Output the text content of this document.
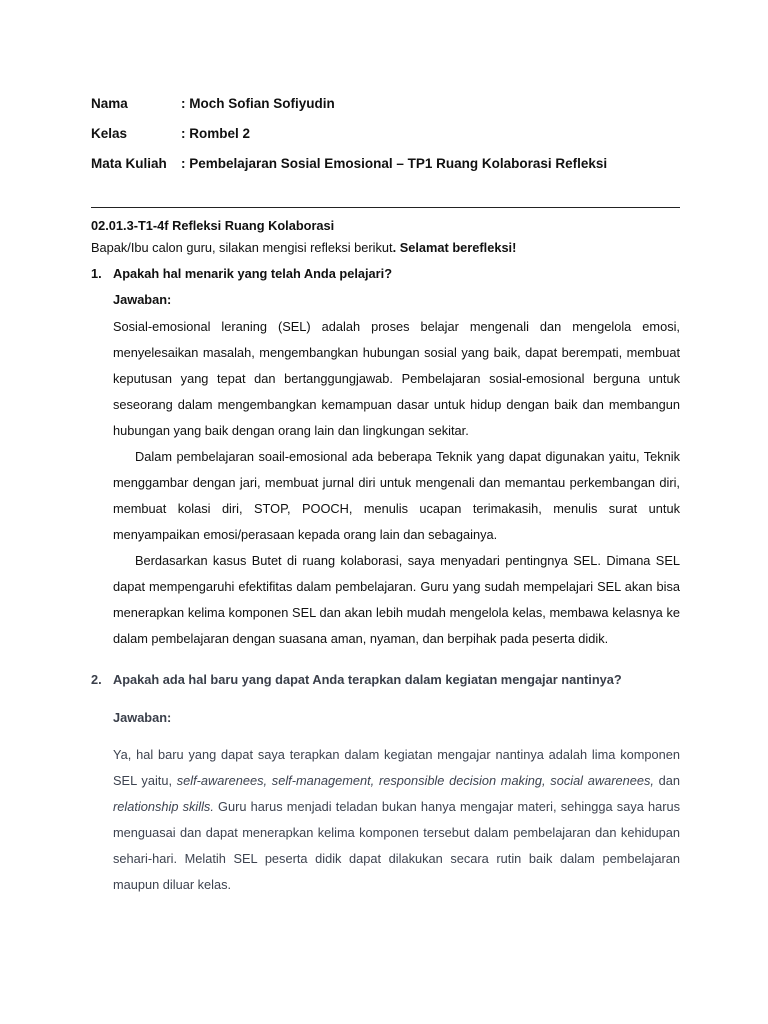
Nama	: Moch Sofian Sofiyudin
Kelas	: Rombel 2
Mata Kuliah	: Pembelajaran Sosial Emosional – TP1 Ruang Kolaborasi Refleksi
02.01.3-T1-4f Refleksi Ruang Kolaborasi
Bapak/Ibu calon guru, silakan mengisi refleksi berikut. Selamat berefleksi!
1. Apakah hal menarik yang telah Anda pelajari?
Jawaban:
Sosial-emosional leraning (SEL) adalah proses belajar mengenali dan mengelola emosi, menyelesaikan masalah, mengembangkan hubungan sosial yang baik, dapat berempati, membuat keputusan yang tepat dan bertanggungjawab. Pembelajaran sosial-emosional berguna untuk seseorang dalam mengembangkan kemampuan dasar untuk hidup dengan baik dan membangun hubungan yang baik dengan orang lain dan lingkungan sekitar.
Dalam pembelajaran soail-emosional ada beberapa Teknik yang dapat digunakan yaitu, Teknik menggambar dengan jari, membuat jurnal diri untuk mengenali dan memantau perkembangan diri, membuat kolasi diri, STOP, POOCH, menulis ucapan terimakasih, menulis surat untuk menyampaikan emosi/perasaan kepada orang lain dan sebagainya.
Berdasarkan kasus Butet di ruang kolaborasi, saya menyadari pentingnya SEL. Dimana SEL dapat mempengaruhi efektifitas dalam pembelajaran. Guru yang sudah mempelajari SEL akan bisa menerapkan kelima komponen SEL dan akan lebih mudah mengelola kelas, membawa kelasnya ke dalam pembelajaran dengan suasana aman, nyaman, dan berpihak pada peserta didik.
2. Apakah ada hal baru yang dapat Anda terapkan dalam kegiatan mengajar nantinya?
Jawaban:
Ya, hal baru yang dapat saya terapkan dalam kegiatan mengajar nantinya adalah lima komponen SEL yaitu, self-awarenees, self-management, responsible decision making, social awarenees, dan relationship skills. Guru harus menjadi teladan bukan hanya mengajar materi, sehingga saya harus menguasai dan dapat menerapkan kelima komponen tersebut dalam pembelajaran dan kehidupan sehari-hari. Melatih SEL peserta didik dapat dilakukan secara rutin baik dalam pembelajaran maupun diluar kelas.
